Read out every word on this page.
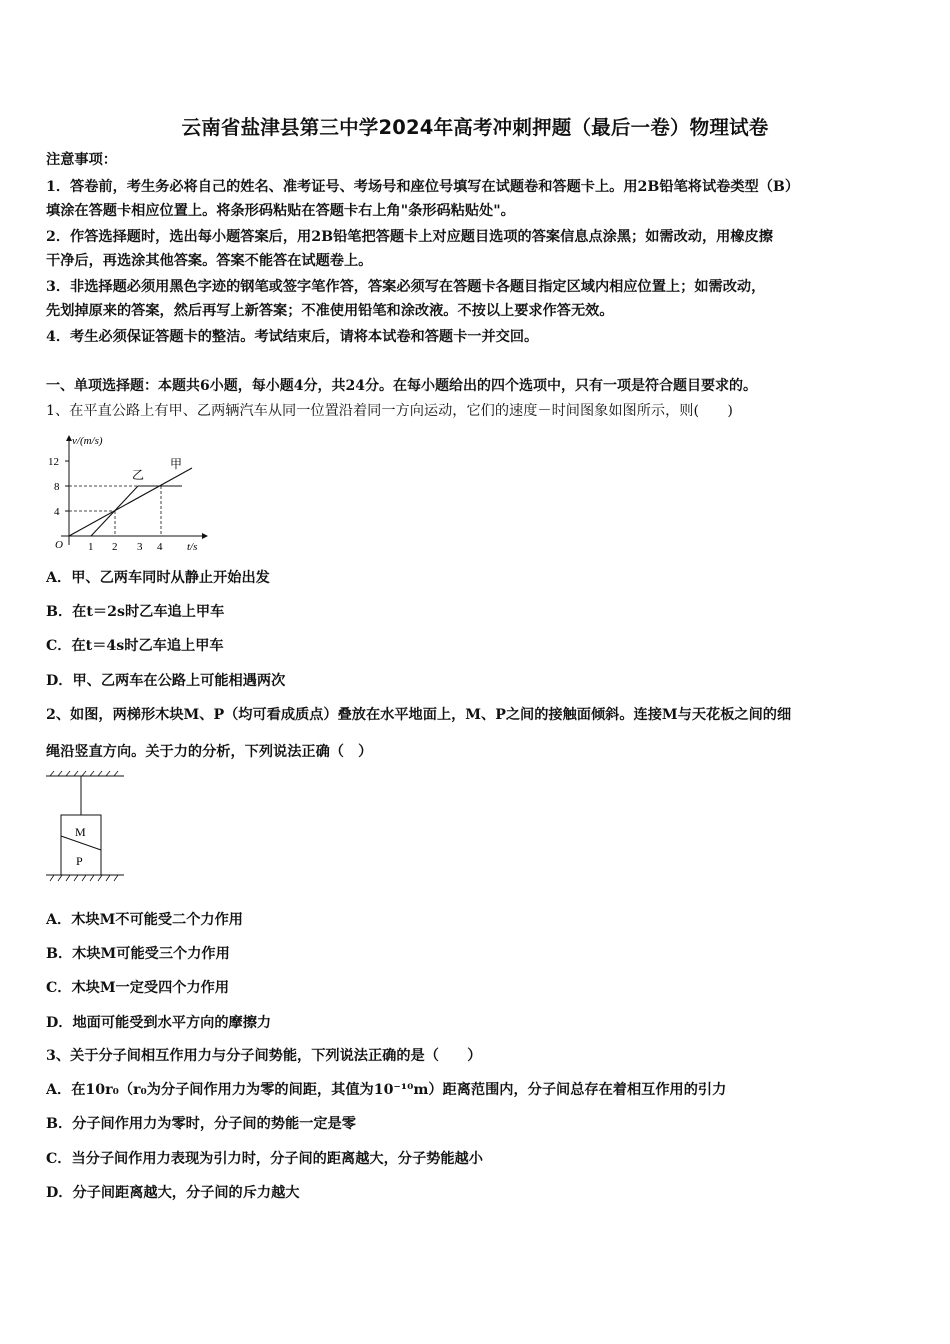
云南省盐津县第三中学2024年高考冲刺押题（最后一卷）物理试卷
注意事项：
1．答卷前，考生务必将自己的姓名、准考证号、考场号和座位号填写在试题卷和答题卡上。用2B铅笔将试卷类型（B）
填涂在答题卡相应位置上。将条形码粘贴在答题卡右上角"条形码粘贴处"。
2．作答选择题时，选出每小题答案后，用2B铅笔把答题卡上对应题目选项的答案信息点涂黑；如需改动，用橡皮擦
干净后，再选涂其他答案。答案不能答在试题卷上。
3．非选择题必须用黑色字迹的钢笔或签字笔作答，答案必须写在答题卡各题目指定区域内相应位置上；如需改动，
先划掉原来的答案，然后再写上新答案；不准使用铅笔和涂改液。不按以上要求作答无效。
4．考生必须保证答题卡的整洁。考试结束后，请将本试卷和答题卡一并交回。
一、单项选择题：本题共6小题，每小题4分，共24分。在每小题给出的四个选项中，只有一项是符合题目要求的。
1、在平直公路上有甲、乙两辆汽车从同一位置沿着同一方向运动，它们的速度－时间图象如图所示，则(　　)
v/(m/s)
t/s
O
12
8
4
1 2 3 4
乙
甲
A．甲、乙两车同时从静止开始出发
B．在t＝2s时乙车追上甲车
C．在t＝4s时乙车追上甲车
D．甲、乙两车在公路上可能相遇两次
2、如图，两梯形木块M、P（均可看成质点）叠放在水平地面上，M、P之间的接触面倾斜。连接M与天花板之间的细
绳沿竖直方向。关于力的分析，下列说法正确（　）
M
P
A．木块M不可能受二个力作用
B．木块M可能受三个力作用
C．木块M一定受四个力作用
D．地面可能受到水平方向的摩擦力
3、关于分子间相互作用力与分子间势能，下列说法正确的是（　　）
A．在10r₀（r₀为分子间作用力为零的间距，其值为10⁻¹⁰m）距离范围内，分子间总存在着相互作用的引力
B．分子间作用力为零时，分子间的势能一定是零
C．当分子间作用力表现为引力时，分子间的距离越大，分子势能越小
D．分子间距离越大，分子间的斥力越大
